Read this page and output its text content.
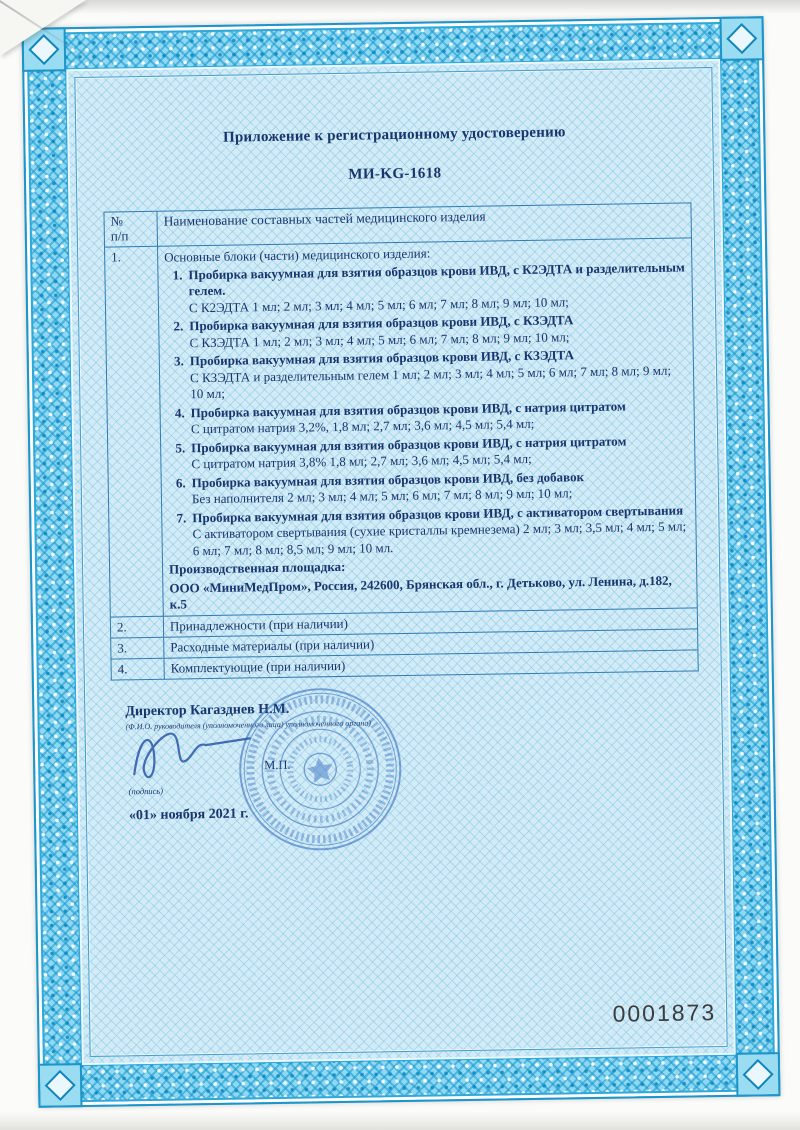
Приложение к регистрационному удостоверению
МИ-KG-1618
№
п/п	Наименование составных частей медицинского изделия
1.	Основные блоки (части) медицинского изделия:
1. Пробирка вакуумная для взятия образцов крови ИВД, с К2ЭДТА и разделительным гелем.
С К2ЭДТА 1 мл; 2 мл; 3 мл; 4 мл; 5 мл; 6 мл; 7 мл; 8 мл; 9 мл; 10 мл;
2. Пробирка вакуумная для взятия образцов крови ИВД, с КЗЭДТА
С КЗЭДТА 1 мл; 2 мл; 3 мл; 4 мл; 5 мл; 6 мл; 7 мл; 8 мл; 9 мл; 10 мл;
3. Пробирка вакуумная для взятия образцов крови ИВД, с КЗЭДТА
С КЗЭДТА и разделительным гелем 1 мл; 2 мл; 3 мл; 4 мл; 5 мл; 6 мл; 7 мл; 8 мл; 9 мл; 10 мл;
4. Пробирка вакуумная для взятия образцов крови ИВД, с натрия цитратом
С цитратом натрия 3,2%, 1,8 мл; 2,7 мл; 3,6 мл; 4,5 мл; 5,4 мл;
5. Пробирка вакуумная для взятия образцов крови ИВД, с натрия цитратом
С цитратом натрия 3,8% 1,8 мл; 2,7 мл; 3,6 мл; 4,5 мл; 5,4 мл;
6. Пробирка вакуумная для взятия образцов крови ИВД, без добавок
Без наполнителя 2 мл; 3 мл; 4 мл; 5 мл; 6 мл; 7 мл; 8 мл; 9 мл; 10 мл;
7. Пробирка вакуумная для взятия образцов крови ИВД, с активатором свертывания
С активатором свертывания (сухие кристаллы кремнезема) 2 мл; 3 мл; 3,5 мл; 4 мл; 5 мл; 6 мл; 7 мл; 8 мл; 8,5 мл; 9 мл; 10 мл.
Производственная площадка:
ООО «МиниМедПром», Россия, 242600, Брянская обл., г. Детьково, ул. Ленина, д.182, к.5

2.	Принадлежности (при наличии)
3.	Расходные материалы (при наличии)
4.	Комплектующие (при наличии)
Директор Кагазднев Н.М.
(Ф.И.О. руководителя (уполномоченного лица) уполномоченного органа)
М.П.
(подпись)
«01» ноября 2021 г.
0001873
